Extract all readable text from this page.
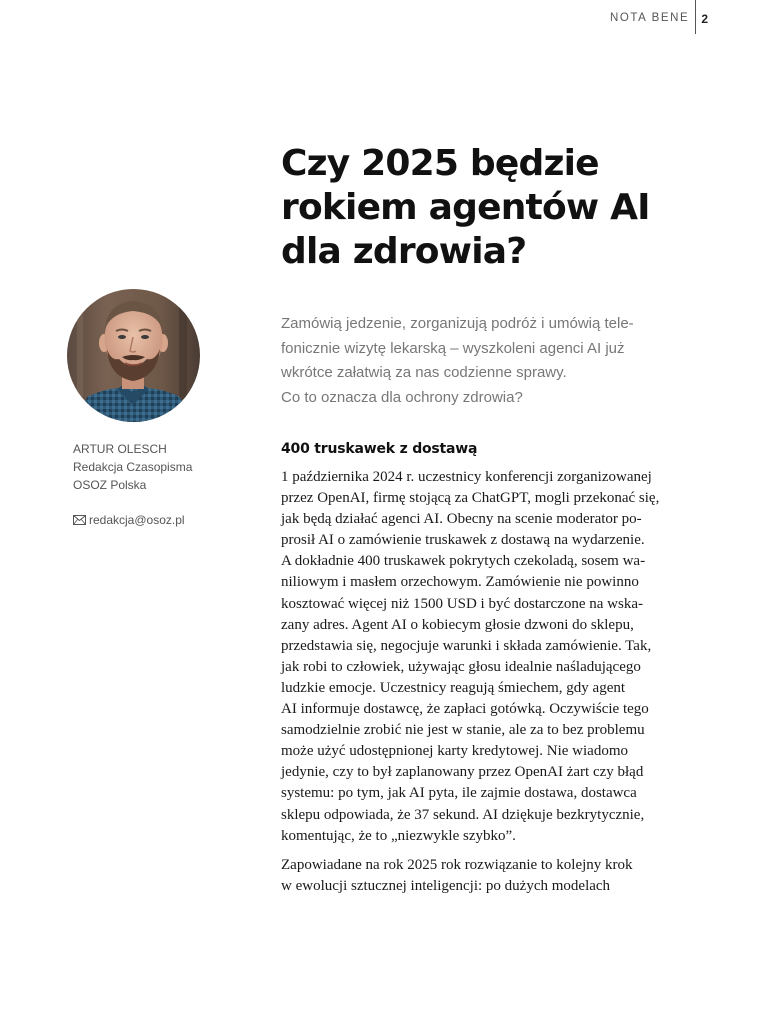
NOTA BENE	2
Czy 2025 będzie
rokiem agentów AI
dla zdrowia?

Zamówią jedzenie, zorganizują podróż i umówią tele-
fonicznie wizytę lekarską – wyszkoleni agenci AI już
wkrótce załatwią za nas codzienne sprawy.
Co to oznacza dla ochrony zdrowia?

ARTUR OLESCH
Redakcja Czasopisma
OSOZ Polska
redakcja@osoz.pl
400 truskawek z dostawą

1 października 2024 r. uczestnicy konferencji zorganizowanej
przez OpenAI, firmę stojącą za ChatGPT, mogli przekonać się,
jak będą działać agenci AI. Obecny na scenie moderator po-
prosił AI o zamówienie truskawek z dostawą na wydarzenie.
A dokładnie 400 truskawek pokrytych czekoladą, sosem wa-
niliowym i masłem orzechowym. Zamówienie nie powinno
kosztować więcej niż 1500 USD i być dostarczone na wska-
zany adres. Agent AI o kobiecym głosie dzwoni do sklepu,
przedstawia się, negocjuje warunki i składa zamówienie. Tak,
jak robi to człowiek, używając głosu idealnie naśladującego
ludzkie emocje. Uczestnicy reagują śmiechem, gdy agent
AI informuje dostawcę, że zapłaci gotówką. Oczywiście tego
samodzielnie zrobić nie jest w stanie, ale za to bez problemu
może użyć udostępnionej karty kredytowej. Nie wiadomo
jedynie, czy to był zaplanowany przez OpenAI żart czy błąd
systemu: po tym, jak AI pyta, ile zajmie dostawa, dostawca
sklepu odpowiada, że 37 sekund. AI dziękuje bezkrytycznie,
komentując, że to „niezwykle szybko”.

Zapowiadane na rok 2025 rok rozwiązanie to kolejny krok
w ewolucji sztucznej inteligencji: po dużych modelach
